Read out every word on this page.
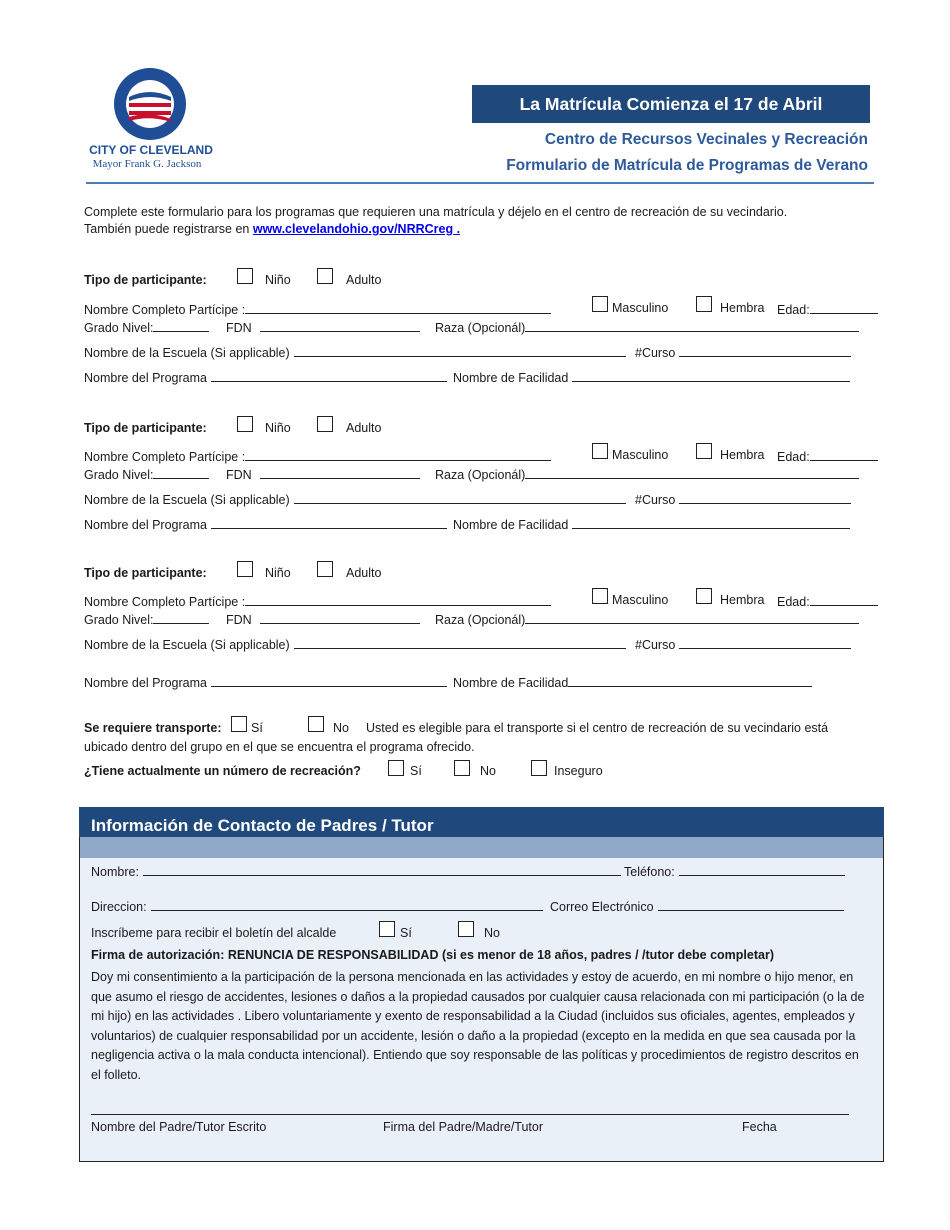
CITY OF CLEVELAND
Mayor Frank G. Jackson
La Matrícula Comienza el 17 de Abril
Centro de Recursos Vecinales y Recreación
Formulario de Matrícula de Programas de Verano
Complete este formulario para los programas que requieren una matrícula y déjelo en el centro de recreación de su vecindario.
También puede registrarse en www.clevelandohio.gov/NRRCreg .
Tipo de participante:	Niño	Adulto
Nombre Completo Partícipe :	Masculino	Hembra Edad:
Grado Nivel:	FDN	Raza (Opcionál)
Nombre de la Escuela (Si applicable)	#Curso
Nombre del Programa	Nombre de Facilidad
Tipo de participante:	Niño	Adulto
Nombre Completo Partícipe :	Masculino	Hembra Edad:
Grado Nivel:	FDN	Raza (Opcionál)
Nombre de la Escuela (Si applicable)	#Curso
Nombre del Programa	Nombre de Facilidad
Tipo de participante:	Niño	Adulto
Nombre Completo Partícipe :	Masculino	Hembra Edad:
Grado Nivel:	FDN	Raza (Opcionál)
Nombre de la Escuela (Si applicable)	#Curso
Nombre del Programa	Nombre de Facilidad
Se requiere transporte: Sí	No Usted es elegible para el transporte si el centro de recreación de su vecindario está
ubicado dentro del grupo en el que se encuentra el programa ofrecido.
¿Tiene actualmente un número de recreación?	Sí	No	Inseguro
Información de Contacto de Padres / Tutor
Nombre:	Teléfono:
Direccion:	Correo Electrónico
Inscríbeme para recibir el boletín del alcalde	Sí	No
Firma de autorización: RENUNCIA DE RESPONSABILIDAD (si es menor de 18 años, padres / /tutor debe completar)
Doy mi consentimiento a la participación de la persona mencionada en las actividades y estoy de acuerdo, en mi nombre o hijo menor, en que asumo el riesgo de accidentes, lesiones o daños a la propiedad causados por cualquier causa relacionada con mi participación (o la de mi hijo) en las actividades . Libero voluntariamente y exento de responsabilidad a la Ciudad (incluidos sus oficiales, agentes, empleados y voluntarios) de cualquier responsabilidad por un accidente, lesión o daño a la propiedad (excepto en la medida en que sea causada por la negligencia activa o la mala conducta intencional). Entiendo que soy responsable de las políticas y procedimientos de registro descritos en el folleto.
Nombre del Padre/Tutor Escrito	Firma del Padre/Madre/Tutor	Fecha
